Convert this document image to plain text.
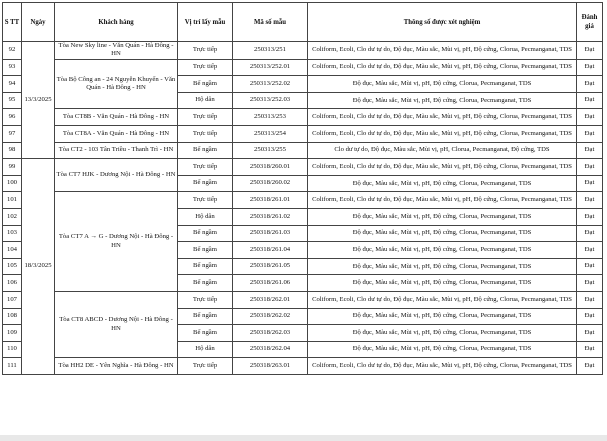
S TT	Ngày	Khách hàng	Vị trí lấy mẫu	Mã số mẫu	Thông số được xét nghiệm	Đánh giá
92	13/3/2025	Tòa New Sky line - Văn Quán - Hà Đông - HN	Trực tiếp	250313/251	Coliform, Ecoli, Clo dư tự do, Độ đục, Màu sắc, Mùi vị, pH, Độ cứng, Clorua, Pecmanganat, TDS	Đạt
93		Tòa Bộ Công an - 24 Nguyễn Khuyến - Văn Quán - Hà Đông - HN	Trực tiếp	250313/252.01	Coliform, Ecoli, Clo dư tự do, Độ đục, Màu sắc, Mùi vị, pH, Độ cứng, Clorua, Pecmanganat, TDS	Đạt
94			Bể ngầm	250313/252.02	Độ đục, Màu sắc, Mùi vị, pH, Độ cứng, Clorua, Pecmanganat, TDS	Đạt
95			Hộ dân	250313/252.03	Độ đục, Màu sắc, Mùi vị, pH, Độ cứng, Clorua, Pecmanganat, TDS	Đạt
96		Tòa CT8B - Văn Quán - Hà Đông - HN	Trực tiếp	250313/253	Coliform, Ecoli, Clo dư tự do, Độ đục, Màu sắc, Mùi vị, pH, Độ cứng, Clorua, Pecmanganat, TDS	Đạt
97		Tòa CT8A - Văn Quán - Hà Đông - HN	Trực tiếp	250313/254	Coliform, Ecoli, Clo dư tự do, Độ đục, Màu sắc, Mùi vị, pH, Độ cứng, Clorua, Pecmanganat, TDS	Đạt
98		Tòa CT2 - 103 Tân Triều - Thanh Trì - HN	Bể ngầm	250313/255	Clo dư tự do, Độ đục, Màu sắc, Mùi vị, pH, Clorua, Pecmanganat, Độ cứng, TDS	Đạt
99	18/3/2025	Tòa CT7 HJK - Dương Nội - Hà Đông - HN	Trực tiếp	250318/260.01	Coliform, Ecoli, Clo dư tự do, Độ đục, Màu sắc, Mùi vị, pH, Độ cứng, Clorua, Pecmanganat, TDS	Đạt
100			Bể ngầm	250318/260.02	Độ đục, Màu sắc, Mùi vị, pH, Độ cứng, Clorua, Pecmanganat, TDS	Đạt
101		Tòa CT7 A → G - Dương Nội - Hà Đông - HN	Trực tiếp	250318/261.01	Coliform, Ecoli, Clo dư tự do, Độ đục, Màu sắc, Mùi vị, pH, Độ cứng, Clorua, Pecmanganat, TDS	Đạt
102			Hộ dân	250318/261.02	Độ đục, Màu sắc, Mùi vị, pH, Độ cứng, Clorua, Pecmanganat, TDS	Đạt
103			Bể ngầm	250318/261.03	Độ đục, Màu sắc, Mùi vị, pH, Độ cứng, Clorua, Pecmanganat, TDS	Đạt
104			Bể ngầm	250318/261.04	Độ đục, Màu sắc, Mùi vị, pH, Độ cứng, Clorua, Pecmanganat, TDS	Đạt
105			Bể ngầm	250318/261.05	Độ đục, Màu sắc, Mùi vị, pH, Độ cứng, Clorua, Pecmanganat, TDS	Đạt
106			Bể ngầm	250318/261.06	Độ đục, Màu sắc, Mùi vị, pH, Độ cứng, Clorua, Pecmanganat, TDS	Đạt
107		Tòa CT8 ABCD - Dương Nội - Hà Đông - HN	Trực tiếp	250318/262.01	Coliform, Ecoli, Clo dư tự do, Độ đục, Màu sắc, Mùi vị, pH, Độ cứng, Clorua, Pecmanganat, TDS	Đạt
108			Bể ngầm	250318/262.02	Độ đục, Màu sắc, Mùi vị, pH, Độ cứng, Clorua, Pecmanganat, TDS	Đạt
109			Bể ngầm	250318/262.03	Độ đục, Màu sắc, Mùi vị, pH, Độ cứng, Clorua, Pecmanganat, TDS	Đạt
110			Hộ dân	250318/262.04	Độ đục, Màu sắc, Mùi vị, pH, Độ cứng, Clorua, Pecmanganat, TDS	Đạt
111		Tòa HH2 DE - Yên Nghĩa - Hà Đông - HN	Trực tiếp	250318/263.01	Coliform, Ecoli, Clo dư tự do, Độ đục, Màu sắc, Mùi vị, pH, Độ cứng, Clorua, Pecmanganat, TDS	Đạt
